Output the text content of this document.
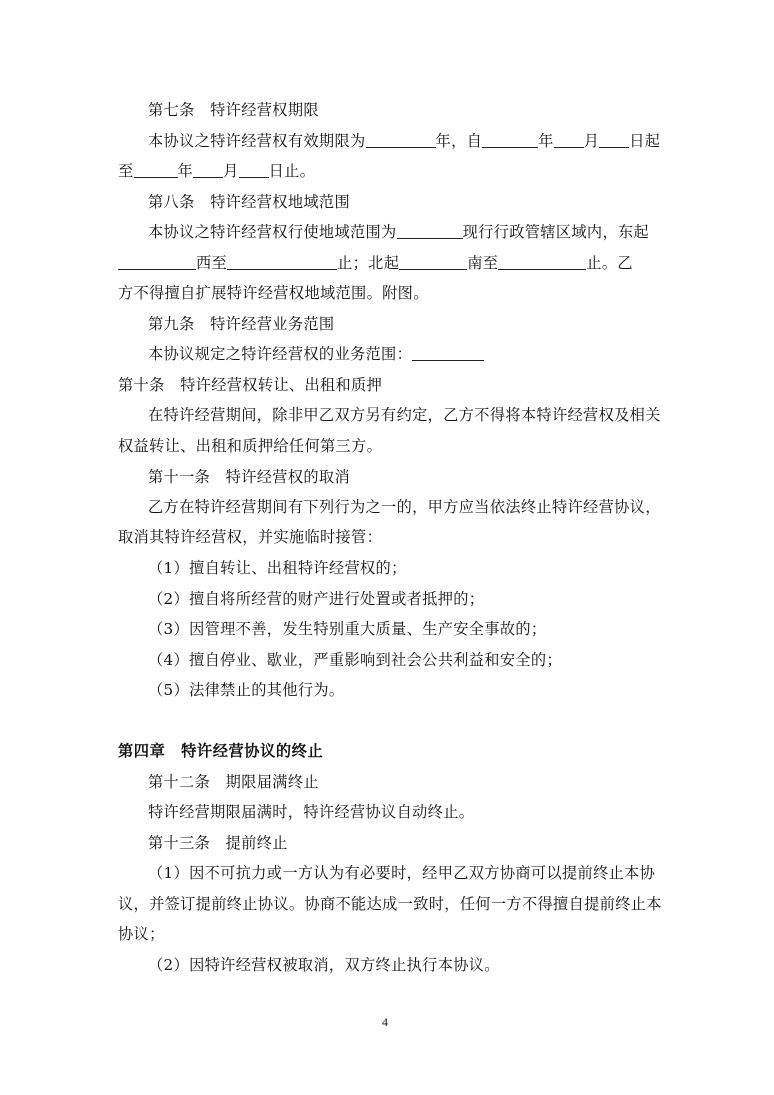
第七条　特许经营权期限
本协议之特许经营权有效期限为	年，自	年 月 日起
至	年 月 日止。
第八条　特许经营权地域范围
本协议之特许经营权行使地域范围为	现行行政管辖区域内，东起
西至	止；北起	南至	止。乙
方不得擅自扩展特许经营权地域范围。附图。
第九条　特许经营业务范围
本协议规定之特许经营权的业务范围：
第十条　特许经营权转让、出租和质押
在特许经营期间，除非甲乙双方另有约定，乙方不得将本特许经营权及相关
权益转让、出租和质押给任何第三方。
第十一条　特许经营权的取消
乙方在特许经营期间有下列行为之一的，甲方应当依法终止特许经营协议，
取消其特许经营权，并实施临时接管：
（1）擅自转让、出租特许经营权的；
（2）擅自将所经营的财产进行处置或者抵押的；
（3）因管理不善，发生特别重大质量、生产安全事故的；
（4）擅自停业、歇业，严重影响到社会公共利益和安全的；
（5）法律禁止的其他行为。
第四章　特许经营协议的终止
第十二条　期限届满终止
特许经营期限届满时，特许经营协议自动终止。
第十三条　提前终止
（1）因不可抗力或一方认为有必要时，经甲乙双方协商可以提前终止本协
议，并签订提前终止协议。协商不能达成一致时，任何一方不得擅自提前终止本
协议；
（2）因特许经营权被取消，双方终止执行本协议。
4
